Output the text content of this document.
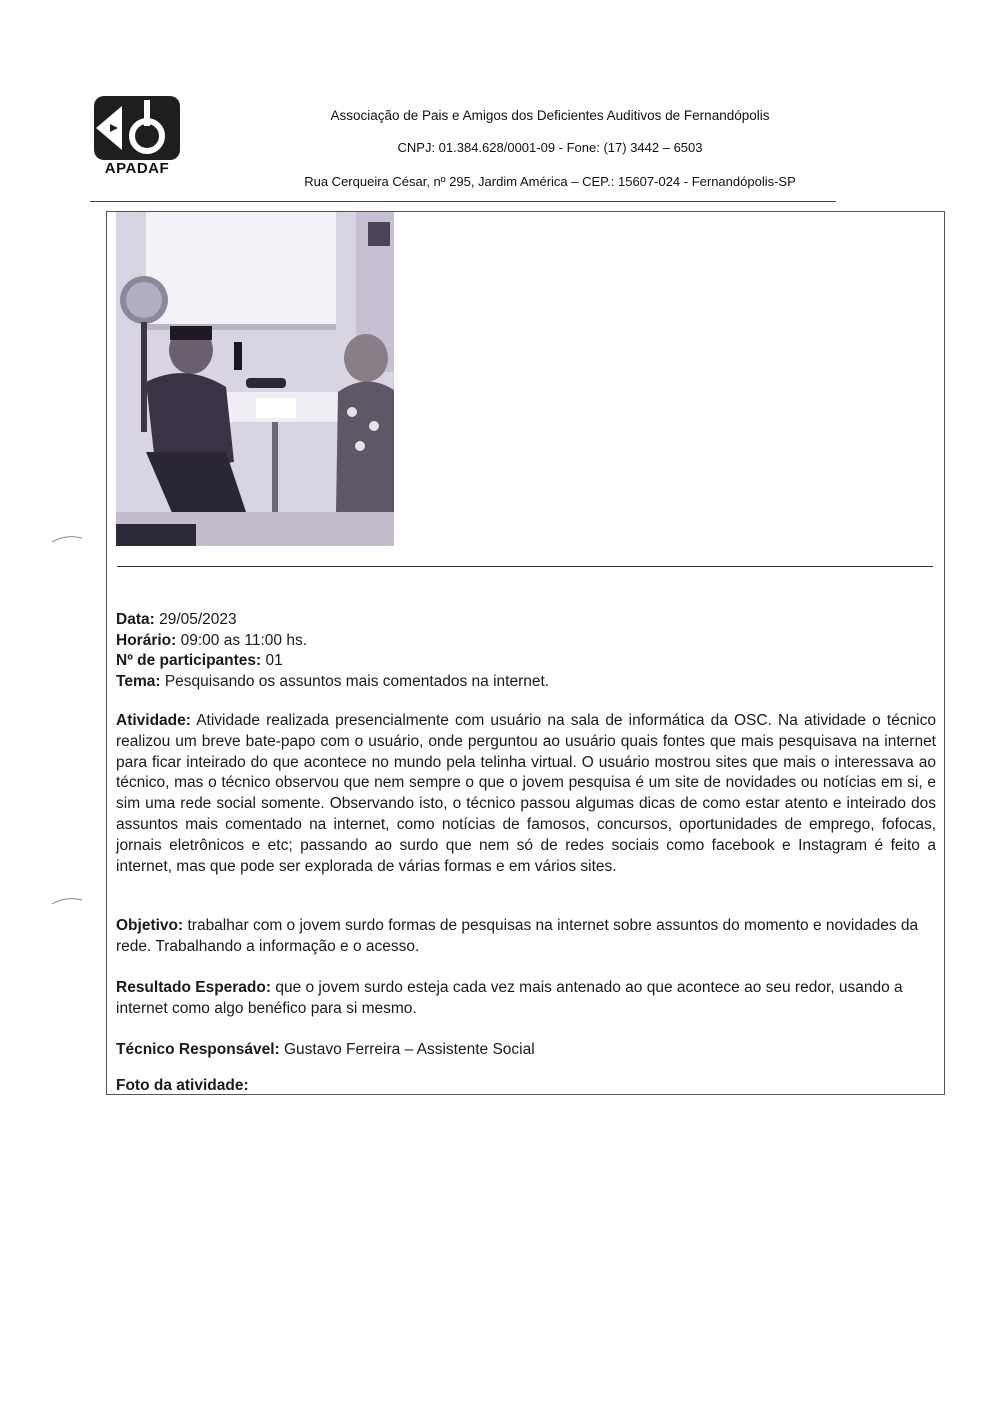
APADAF
Associação de Pais e Amigos dos Deficientes Auditivos de Fernandópolis
CNPJ: 01.384.628/0001-09 - Fone: (17) 3442 – 6503
Rua Cerqueira César, nº 295, Jardim América – CEP.: 15607-024 - Fernandópolis-SP
Data: 29/05/2023
Horário: 09:00 as 11:00 hs.
Nº de participantes: 01
Tema: Pesquisando os assuntos mais comentados na internet.

Atividade: Atividade realizada presencialmente com usuário na sala de informática da OSC. Na atividade o técnico realizou um breve bate-papo com o usuário, onde perguntou ao usuário quais fontes que mais pesquisava na internet para ficar inteirado do que acontece no mundo pela telinha virtual. O usuário mostrou sites que mais o interessava ao técnico, mas o técnico observou que nem sempre o que o jovem pesquisa é um site de novidades ou notícias em si, e sim uma rede social somente. Observando isto, o técnico passou algumas dicas de como estar atento e inteirado dos assuntos mais comentado na internet, como notícias de famosos, concursos, oportunidades de emprego, fofocas, jornais eletrônicos e etc; passando ao surdo que nem só de redes sociais como facebook e Instagram é feito a internet, mas que pode ser explorada de várias formas e em vários sites.

Objetivo: trabalhar com o jovem surdo formas de pesquisas na internet sobre assuntos do momento e novidades da rede. Trabalhando a informação e o acesso.

Resultado Esperado: que o jovem surdo esteja cada vez mais antenado ao que acontece ao seu redor, usando a internet como algo benéfico para si mesmo.

Técnico Responsável: Gustavo Ferreira – Assistente Social

Foto da atividade:
